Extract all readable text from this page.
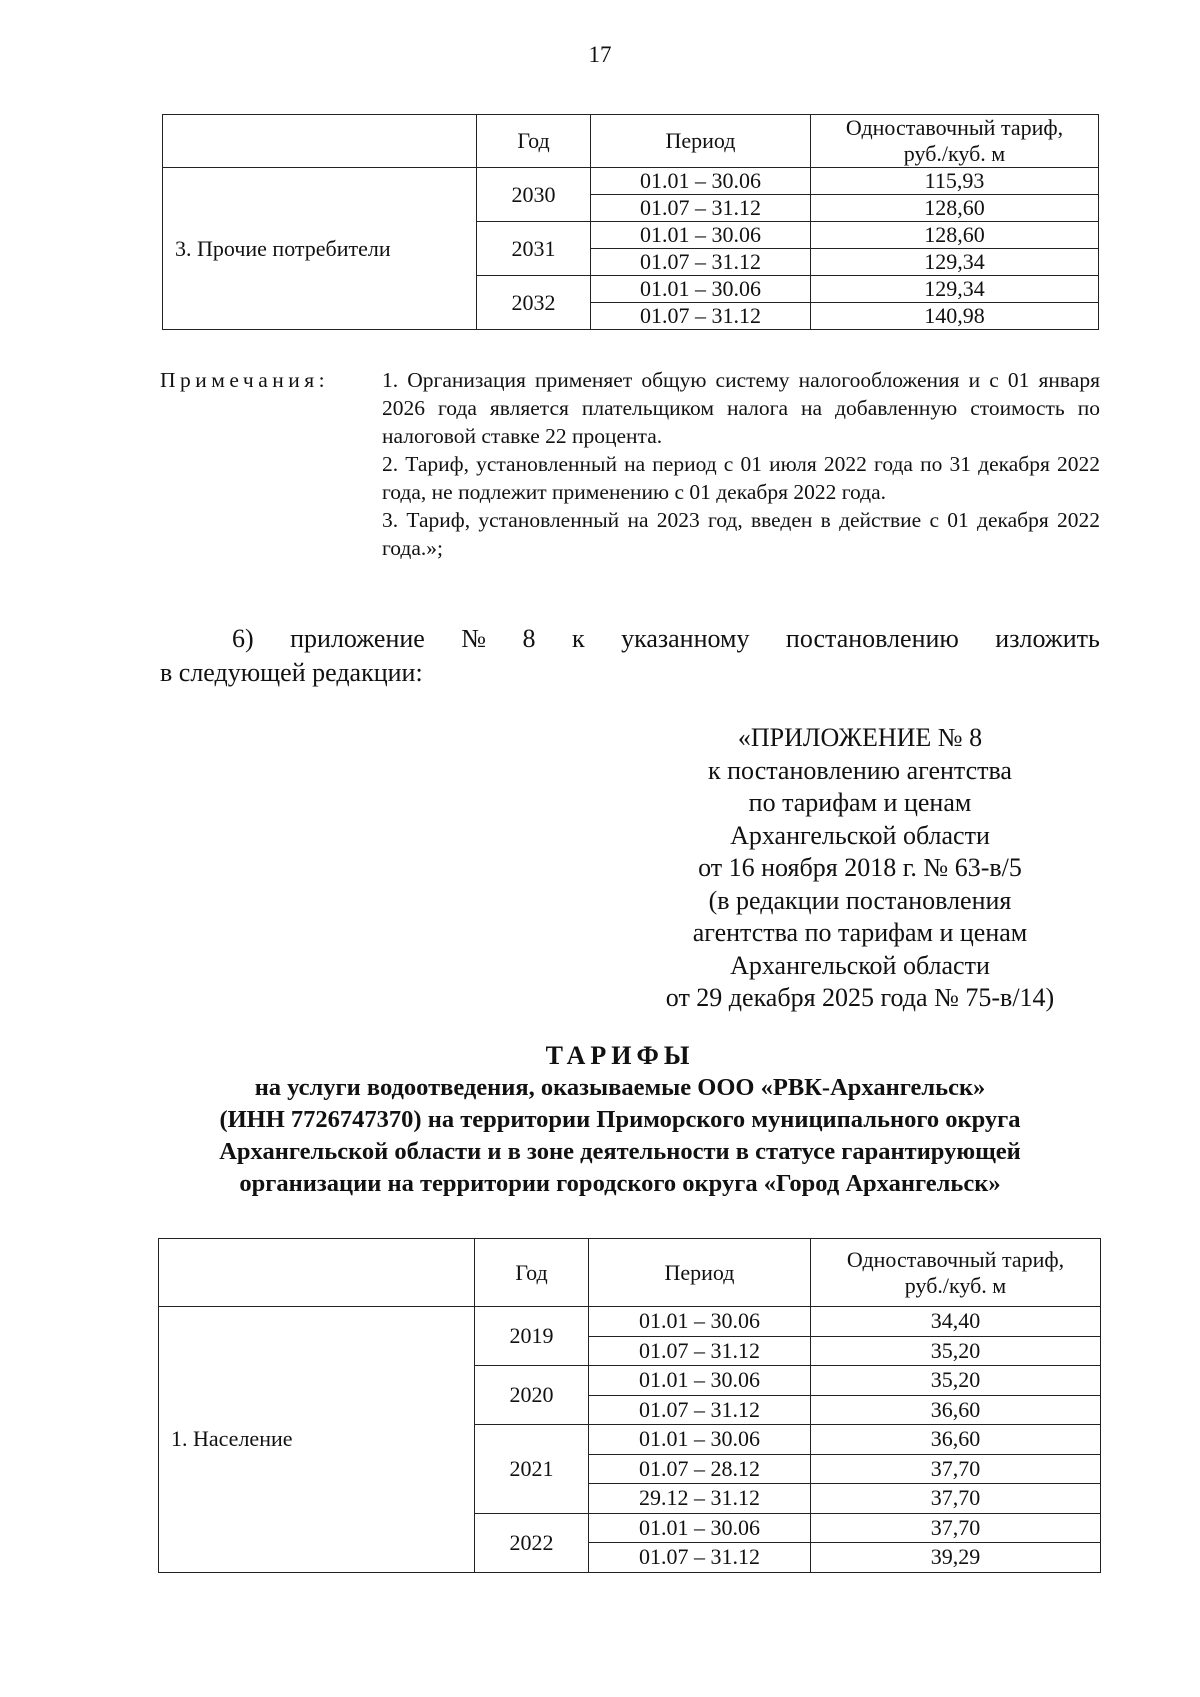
17
	Год	Период	Одноставочный тариф,
руб./куб. м
3. Прочие потребители	2030	01.01 – 30.06	115,93
		01.07 – 31.12	128,60
	2031	01.01 – 30.06	128,60
		01.07 – 31.12	129,34
	2032	01.01 – 30.06	129,34
		01.07 – 31.12	140,98
Примечания: 1. Организация применяет общую систему налогообложения и с 01 января 2026 года является плательщиком налога на добавленную стоимость по налоговой ставке 22 процента.

2. Тариф, установленный на период с 01 июля 2022 года по 31 декабря 2022 года, не подлежит применению с 01 декабря 2022 года.

3. Тариф, установленный на 2023 год, введен в действие с 01 декабря 2022 года.»;

6) приложение № 8 к указанному постановлению изложить
в следующей редакции:
«ПРИЛОЖЕНИЕ № 8
к постановлению агентства
по тарифам и ценам
Архангельской области
от 16 ноября 2018 г. № 63-в/5
(в редакции постановления
агентства по тарифам и ценам
Архангельской области
от 29 декабря 2025 года № 75-в/14)
ТАРИФЫ
на услуги водоотведения, оказываемые ООО «РВК-Архангельск»
(ИНН 7726747370) на территории Приморского муниципального округа
Архангельской области и в зоне деятельности в статусе гарантирующей
организации на территории городского округа «Город Архангельск»
	Год	Период	Одноставочный тариф,
руб./куб. м
1. Население	2019	01.01 – 30.06	34,40
		01.07 – 31.12	35,20
	2020	01.01 – 30.06	35,20
		01.07 – 31.12	36,60
	2021	01.01 – 30.06	36,60
		01.07 – 28.12	37,70
		29.12 – 31.12	37,70
	2022	01.01 – 30.06	37,70
		01.07 – 31.12	39,29
